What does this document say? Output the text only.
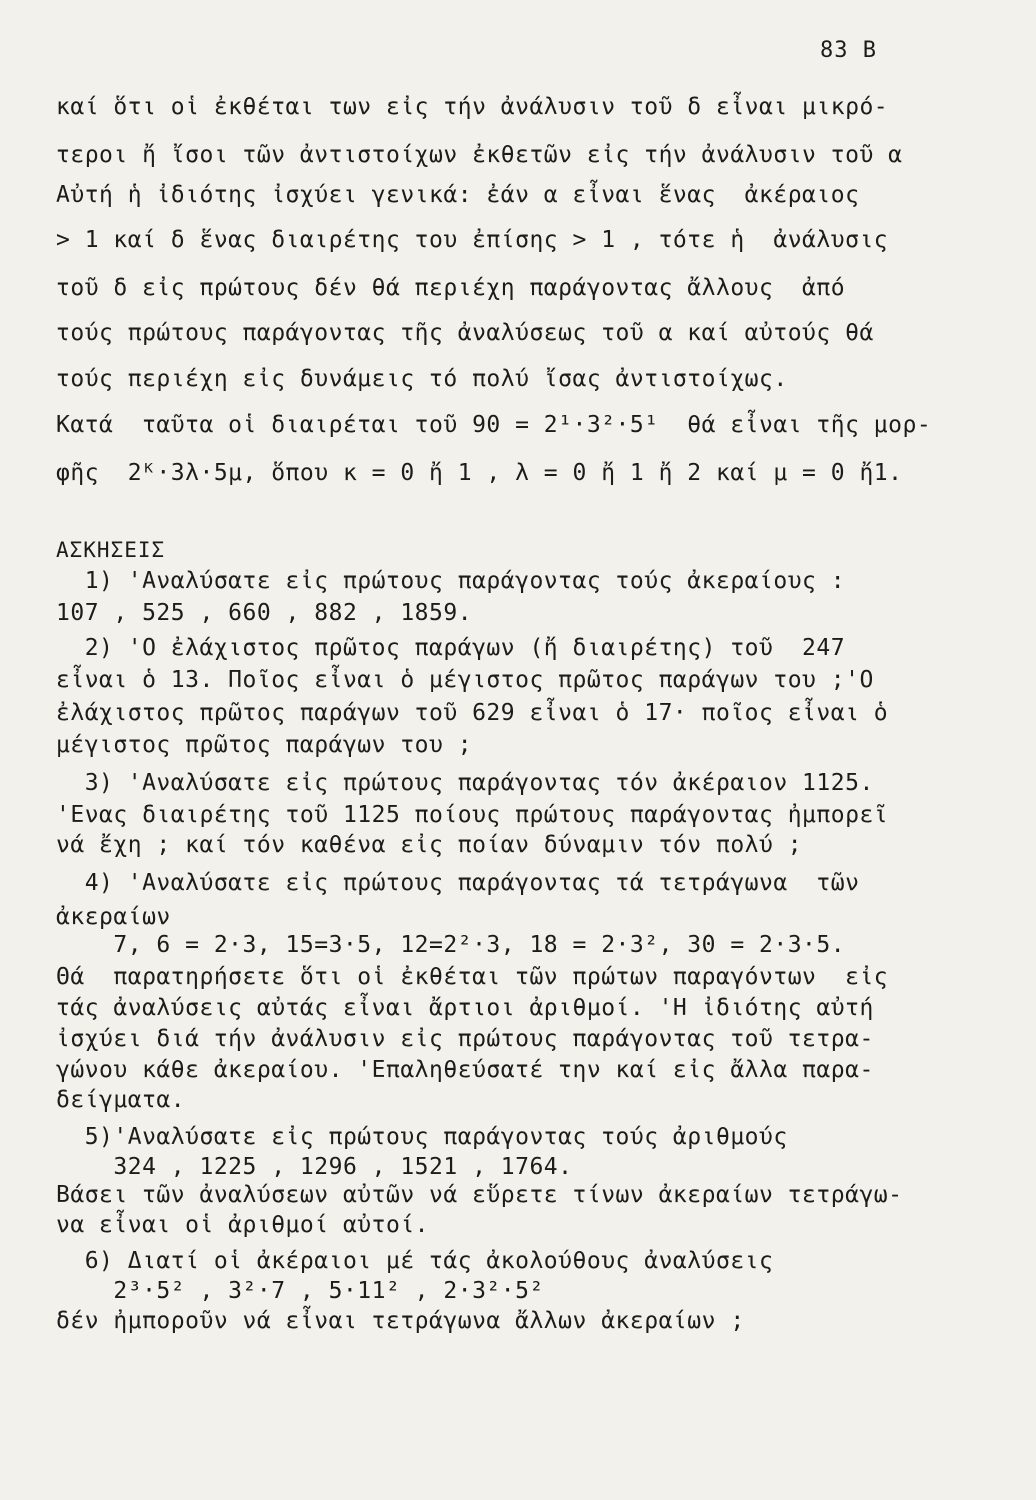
83 B
καί ὅτι οἱ ἐκθέται των εἰς τήν ἀνάλυσιν τοῦ δ εἶναι μικρό-
τεροι ἤ ἴσοι τῶν ἀντιστοίχων ἐκθετῶν εἰς τήν ἀνάλυσιν τοῦ α
Αὐτή ἡ ἰδιότης ἰσχύει γενικά: ἐάν α εἶναι ἕνας  ἀκέραιος
> 1 καί δ ἕνας διαιρέτης του ἐπίσης > 1 , τότε ἡ  ἀνάλυσις
τοῦ δ εἰς πρώτους δέν θά περιέχη παράγοντας ἄλλους  ἀπό
τούς πρώτους παράγοντας τῆς ἀναλύσεως τοῦ α καί αὐτούς θά
τούς περιέχη εἰς δυνάμεις τό πολύ ἴσας ἀντιστοίχως.
Κατά  ταῦτα οἱ διαιρέται τοῦ 90 = 2¹·3²·5¹  θά εἶναι τῆς μορ-
φῆς  2ᴷ·3λ·5μ, ὅπου κ = 0 ἤ 1 , λ = 0 ἤ 1 ἤ 2 καί μ = 0 ἤ1.
ΑΣΚΗΣΕΙΣ
1) 'Αναλύσατε εἰς πρώτους παράγοντας τούς ἀκεραίους :
107 , 525 , 660 , 882 , 1859.
2) 'Ο ἐλάχιστος πρῶτος παράγων (ἤ διαιρέτης) τοῦ  247
εἶναι ὁ 13. Ποῖος εἶναι ὁ μέγιστος πρῶτος παράγων του ;'Ο
ἐλάχιστος πρῶτος παράγων τοῦ 629 εἶναι ὁ 17· ποῖος εἶναι ὁ
μέγιστος πρῶτος παράγων του ;
3) 'Αναλύσατε εἰς πρώτους παράγοντας τόν ἀκέραιον 1125.
'Ενας διαιρέτης τοῦ 1125 ποίους πρώτους παράγοντας ἠμπορεῖ
νά ἔχη ; καί τόν καθένα εἰς ποίαν δύναμιν τόν πολύ ;
4) 'Αναλύσατε εἰς πρώτους παράγοντας τά τετράγωνα  τῶν
ἀκεραίων
7, 6 = 2·3, 15=3·5, 12=2²·3, 18 = 2·3², 30 = 2·3·5.
Θά  παρατηρήσετε ὅτι οἱ ἐκθέται τῶν πρώτων παραγόντων  εἰς
τάς ἀναλύσεις αὐτάς εἶναι ἄρτιοι ἀριθμοί. 'Η ἰδιότης αὐτή
ἰσχύει διά τήν ἀνάλυσιν εἰς πρώτους παράγοντας τοῦ τετρα-
γώνου κάθε ἀκεραίου. 'Επαληθεύσατέ την καί εἰς ἄλλα παρα-
δείγματα.
5)'Αναλύσατε εἰς πρώτους παράγοντας τούς ἀριθμούς
324 , 1225 , 1296 , 1521 , 1764.
Βάσει τῶν ἀναλύσεων αὐτῶν νά εὕρετε τίνων ἀκεραίων τετράγω-
να εἶναι οἱ ἀριθμοί αὐτοί.
6) Διατί οἱ ἀκέραιοι μέ τάς ἀκολούθους ἀναλύσεις
2³·5² , 3²·7 , 5·11² , 2·3²·5²
δέν ἠμποροῦν νά εἶναι τετράγωνα ἄλλων ἀκεραίων ;
